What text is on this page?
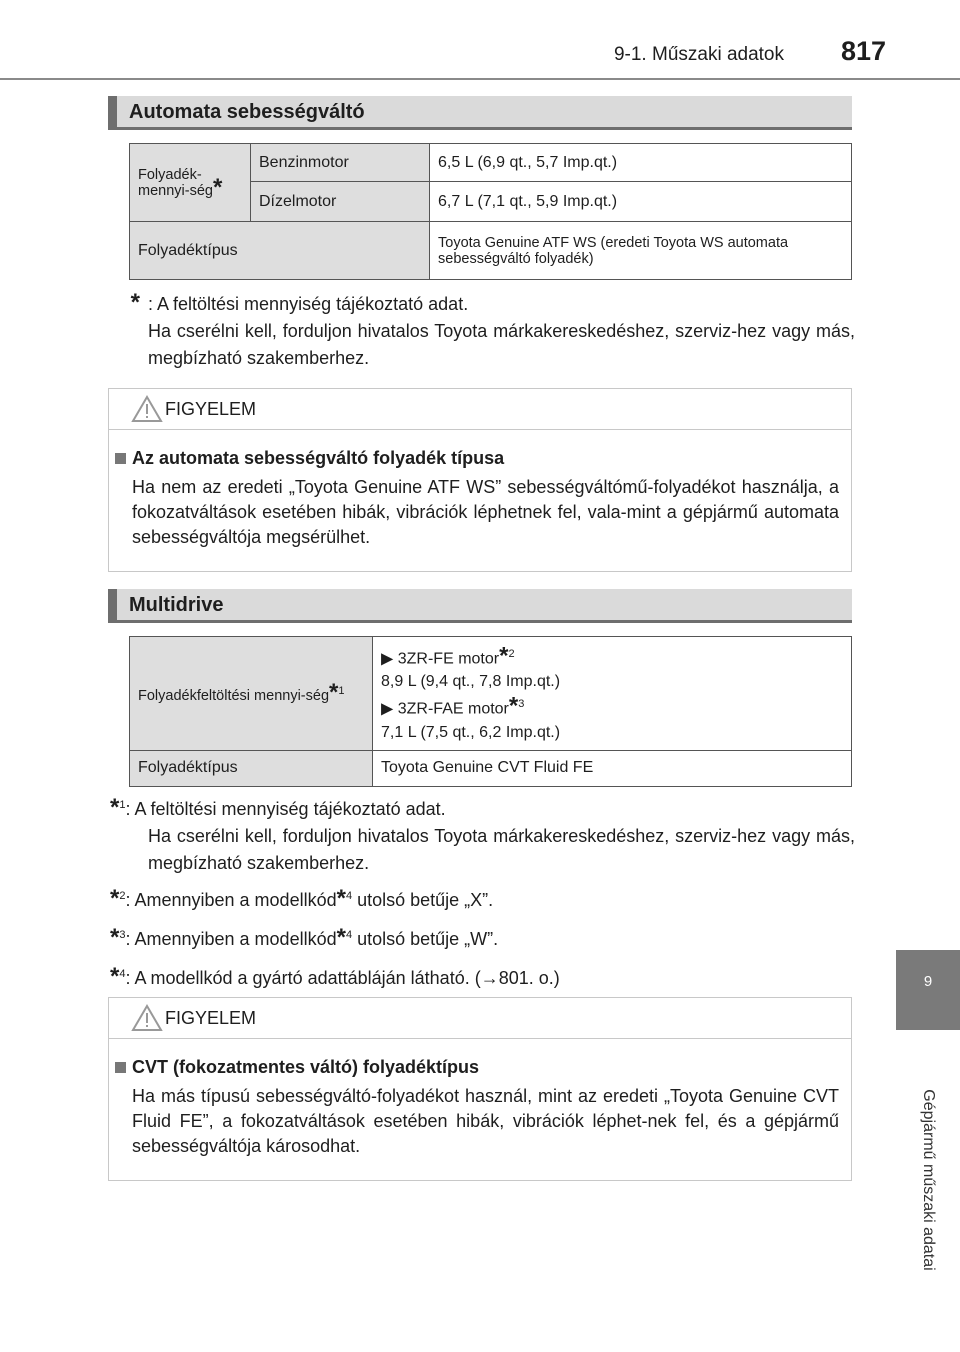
9-1. Műszaki adatok 817
9
Gépjármű műszaki adatai
Automata sebességváltó
Folyadék-mennyi-ség*	Benzinmotor	6,5 L (6,9 qt., 5,7 Imp.qt.)
	Dízelmotor	6,7 L (7,1 qt., 5,9 Imp.qt.)
Folyadéktípus		Toyota Genuine ATF WS (eredeti Toyota WS automata sebességváltó folyadék)
* : A feltöltési mennyiség tájékoztató adat.
Ha cserélni kell, forduljon hivatalos Toyota márkakereskedéshez, szerviz-hez vagy más, megbízható szakemberhez.
FIGYELEM
Az automata sebességváltó folyadék típusa
Ha nem az eredeti „Toyota Genuine ATF WS” sebességváltómű-folyadékot használja, a fokozatváltások esetében hibák, vibrációk léphetnek fel, vala-mint a gépjármű automata sebességváltója megsérülhet.
Multidrive
Folyadékfeltöltési mennyi-ség*$^1$	▶ 3ZR-FE motor*$^2$
8,9 L (9,4 qt., 7,8 Imp.qt.)
▶ 3ZR-FAE motor*$^3$
7,1 L (7,5 qt., 6,2 Imp.qt.)

Folyadéktípus	Toyota Genuine CVT Fluid FE
*$^1$: A feltöltési mennyiség tájékoztató adat.
Ha cserélni kell, forduljon hivatalos Toyota márkakereskedéshez, szerviz-hez vagy más, megbízható szakemberhez.
*$^2$: Amennyiben a modellkód*$^4$ utolsó betűje „X”.
*$^3$: Amennyiben a modellkód*$^4$ utolsó betűje „W”.
*$^4$: A modellkód a gyártó adattábláján látható. (→801. o.)
FIGYELEM
CVT (fokozatmentes váltó) folyadéktípus
Ha más típusú sebességváltó-folyadékot használ, mint az eredeti „Toyota Genuine CVT Fluid FE”, a fokozatváltások esetében hibák, vibrációk léphet-nek fel, és a gépjármű sebességváltója károsodhat.
